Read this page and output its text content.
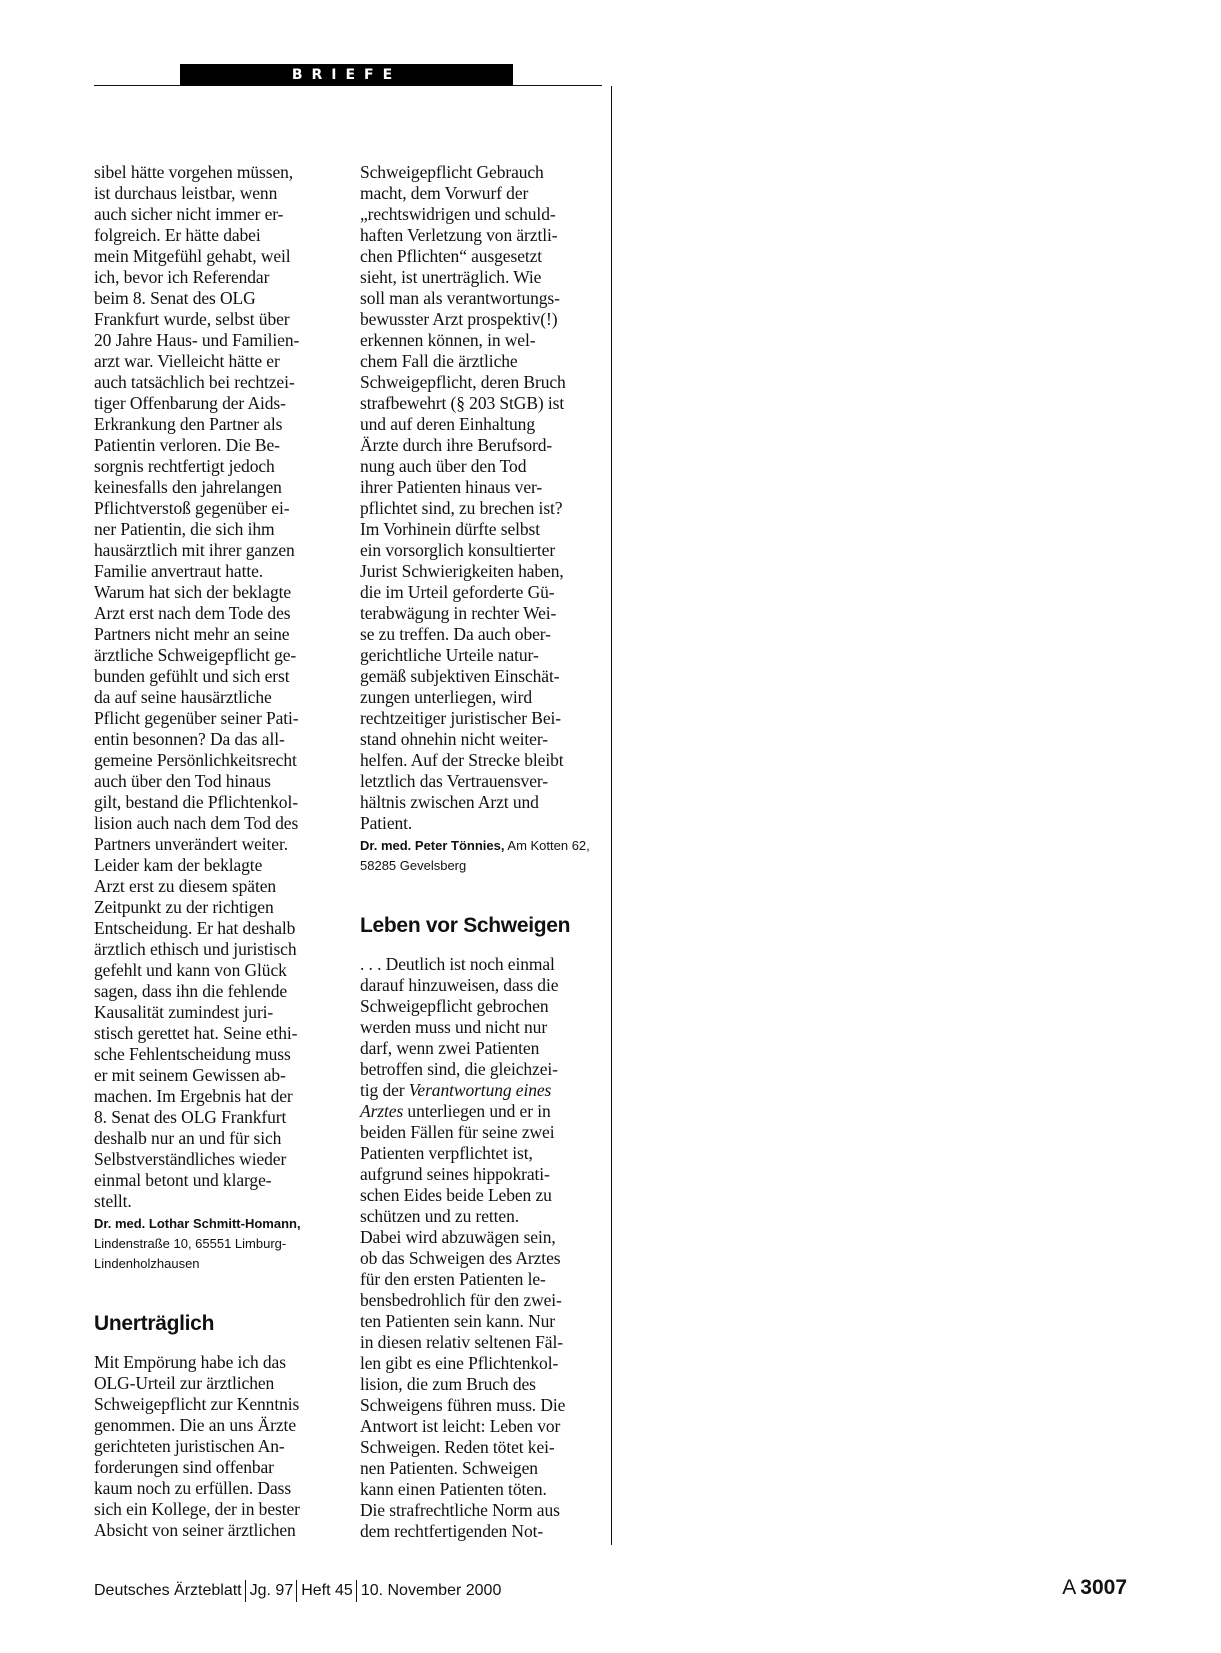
BRIEFE
sibel hätte vorgehen müssen,
ist durchaus leistbar, wenn
auch sicher nicht immer er-
folgreich. Er hätte dabei
mein Mitgefühl gehabt, weil
ich, bevor ich Referendar
beim 8. Senat des OLG
Frankfurt wurde, selbst über
20 Jahre Haus- und Familien-
arzt war. Vielleicht hätte er
auch tatsächlich bei rechtzei-
tiger Offenbarung der Aids-
Erkrankung den Partner als
Patientin verloren. Die Be-
sorgnis rechtfertigt jedoch
keinesfalls den jahrelangen
Pflichtverstoß gegenüber ei-
ner Patientin, die sich ihm
hausärztlich mit ihrer ganzen
Familie anvertraut hatte.
Warum hat sich der beklagte
Arzt erst nach dem Tode des
Partners nicht mehr an seine
ärztliche Schweigepflicht ge-
bunden gefühlt und sich erst
da auf seine hausärztliche
Pflicht gegenüber seiner Pati-
entin besonnen? Da das all-
gemeine Persönlichkeitsrecht
auch über den Tod hinaus
gilt, bestand die Pflichtenkol-
lision auch nach dem Tod des
Partners unverändert weiter.
Leider kam der beklagte
Arzt erst zu diesem späten
Zeitpunkt zu der richtigen
Entscheidung. Er hat deshalb
ärztlich ethisch und juristisch
gefehlt und kann von Glück
sagen, dass ihn die fehlende
Kausalität zumindest juri-
stisch gerettet hat. Seine ethi-
sche Fehlentscheidung muss
er mit seinem Gewissen ab-
machen. Im Ergebnis hat der
8. Senat des OLG Frankfurt
deshalb nur an und für sich
Selbstverständliches wieder
einmal betont und klarge-
stellt.
Dr. med. Lothar Schmitt-Homann,
Lindenstraße 10, 65551 Limburg-
Lindenholzhausen
Unerträglich
Mit Empörung habe ich das
OLG-Urteil zur ärztlichen
Schweigepflicht zur Kenntnis
genommen. Die an uns Ärzte
gerichteten juristischen An-
forderungen sind offenbar
kaum noch zu erfüllen. Dass
sich ein Kollege, der in bester
Absicht von seiner ärztlichen
Schweigepflicht Gebrauch
macht, dem Vorwurf der
„rechtswidrigen und schuld-
haften Verletzung von ärztli-
chen Pflichten“ ausgesetzt
sieht, ist unerträglich. Wie
soll man als verantwortungs-
bewusster Arzt prospektiv(!)
erkennen können, in wel-
chem Fall die ärztliche
Schweigepflicht, deren Bruch
strafbewehrt (§ 203 StGB) ist
und auf deren Einhaltung
Ärzte durch ihre Berufsord-
nung auch über den Tod
ihrer Patienten hinaus ver-
pflichtet sind, zu brechen ist?
Im Vorhinein dürfte selbst
ein vorsorglich konsultierter
Jurist Schwierigkeiten haben,
die im Urteil geforderte Gü-
terabwägung in rechter Wei-
se zu treffen. Da auch ober-
gerichtliche Urteile natur-
gemäß subjektiven Einschät-
zungen unterliegen, wird
rechtzeitiger juristischer Bei-
stand ohnehin nicht weiter-
helfen. Auf der Strecke bleibt
letztlich das Vertrauensver-
hältnis zwischen Arzt und
Patient.
Dr. med. Peter Tönnies, Am Kotten 62,
58285 Gevelsberg
Leben vor Schweigen
. . . Deutlich ist noch einmal
darauf hinzuweisen, dass die
Schweigepflicht gebrochen
werden muss und nicht nur
darf, wenn zwei Patienten
betroffen sind, die gleichzei-
tig der Verantwortung eines
Arztes unterliegen und er in
beiden Fällen für seine zwei
Patienten verpflichtet ist,
aufgrund seines hippokrati-
schen Eides beide Leben zu
schützen und zu retten.
Dabei wird abzuwägen sein,
ob das Schweigen des Arztes
für den ersten Patienten le-
bensbedrohlich für den zwei-
ten Patienten sein kann. Nur
in diesen relativ seltenen Fäl-
len gibt es eine Pflichtenkol-
lision, die zum Bruch des
Schweigens führen muss. Die
Antwort ist leicht: Leben vor
Schweigen. Reden tötet kei-
nen Patienten. Schweigen
kann einen Patienten töten.
Die strafrechtliche Norm aus
dem rechtfertigenden Not-
Deutsches Ärzteblatt Jg. 97 Heft 45 10. November 2000	A 3007
